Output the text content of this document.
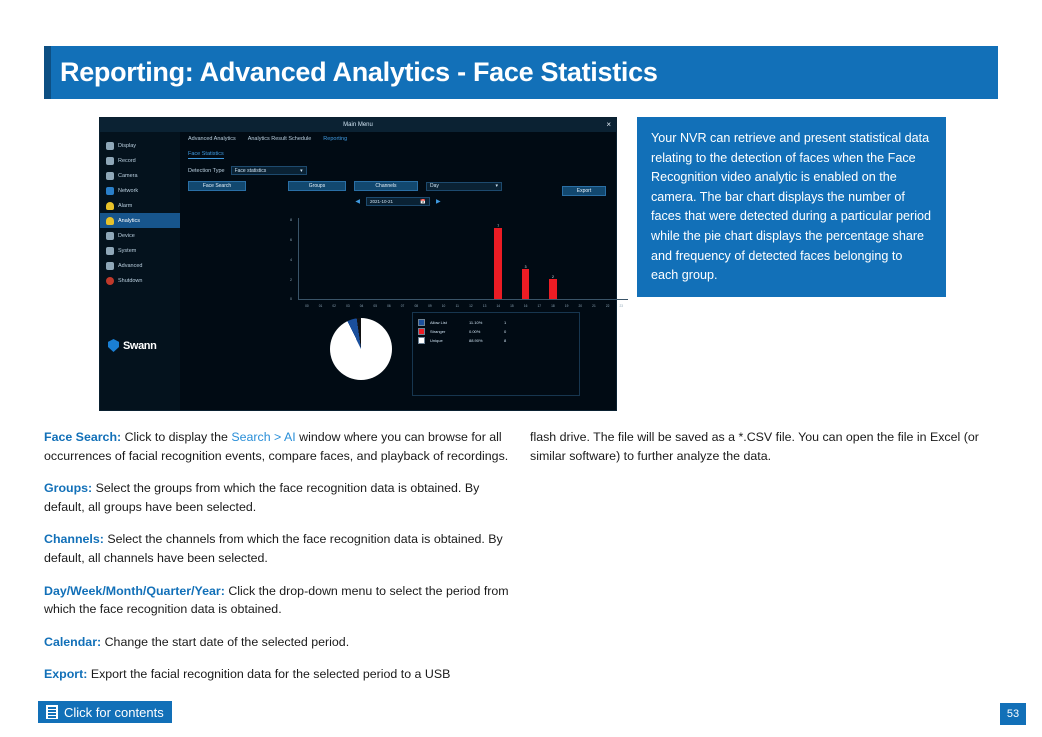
Reporting: Advanced Analytics - Face Statistics
Main Menu	×
Display
Record
Camera
Network
Alarm
Analytics
Device
System
Advanced
Shutdown
Swann
Advanced Analytics Analytics Result Schedule Reporting
Face Statistics
Detection Type Face statistics	▾
Face Search	Groups	Channels	Day	▾
Export
◀ 2021-10-21	📅 ▶
8
6
4
2
0
7
3
2
00	01	02	03	04	05	06	07	08	09	10	11	12	13	14	15	16	17	18	19	20	21	22	23
Allow List	11.10%	1
Stranger	0.00%	0
Unique	88.90%	8
Your NVR can retrieve and present statistical data relating to the detection of faces when the Face Recognition video analytic is enabled on the camera. The bar chart displays the number of faces that were detected during a particular period while the pie chart displays the percentage share and frequency of detected faces belonging to each group.
Face Search: Click to display the Search > AI window where you can browse for all occurrences of facial recognition events, compare faces, and playback of recordings.
Groups: Select the groups from which the face recognition data is obtained. By default, all groups have been selected.
Channels: Select the channels from which the face recognition data is obtained. By default, all channels have been selected.
Day/Week/Month/Quarter/Year: Click the drop-down menu to select the period from which the face recognition data is obtained.
Calendar: Change the start date of the selected period.
Export: Export the facial recognition data for the selected period to a USB
flash drive. The file will be saved as a *.CSV file. You can open the file in Excel (or similar software) to further analyze the data.
Click for contents	53
